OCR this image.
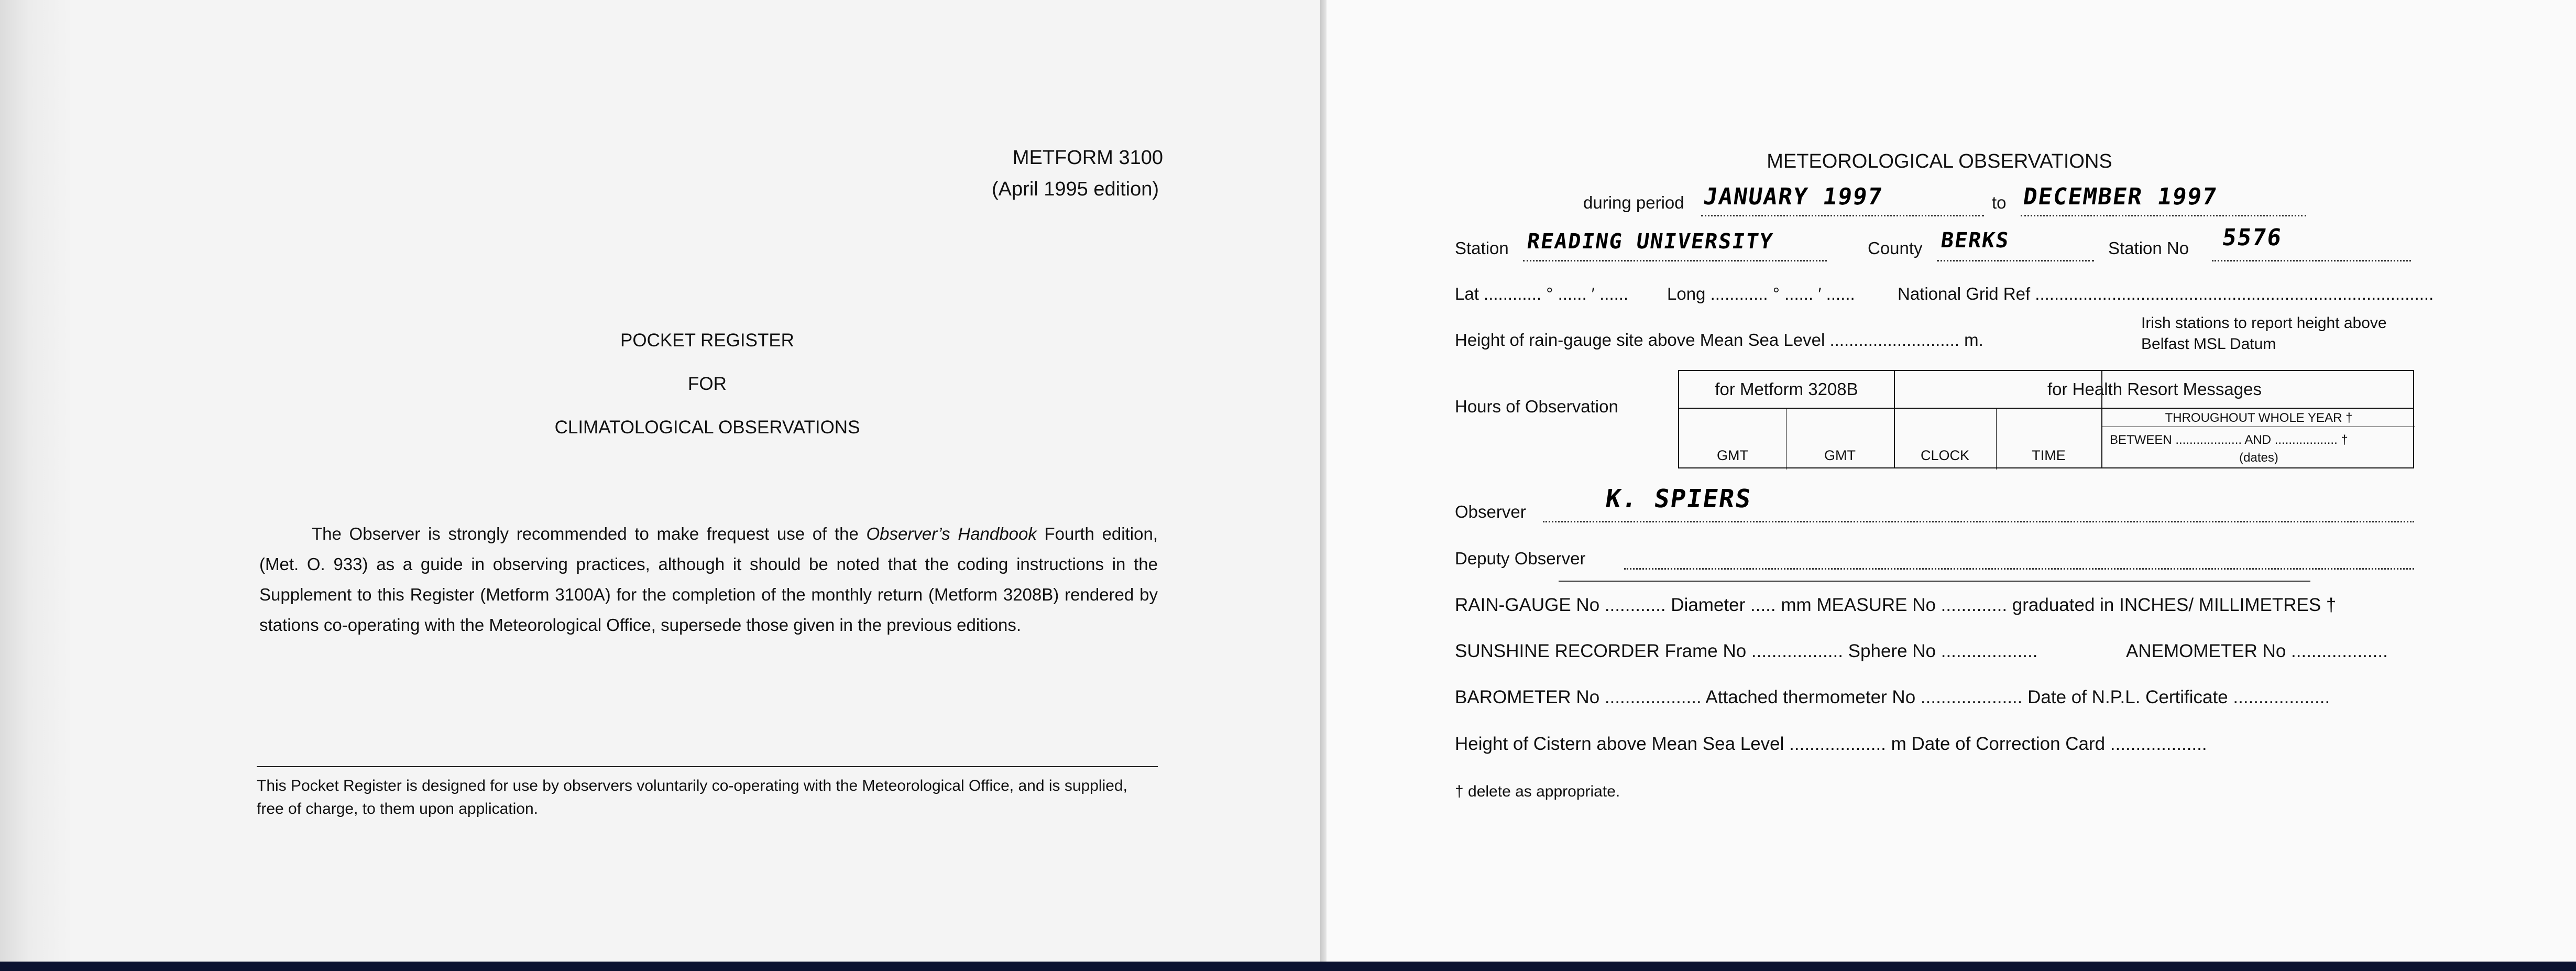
METFORM 3100
(April 1995 edition)
POCKET REGISTER
FOR
CLIMATOLOGICAL OBSERVATIONS
The Observer is strongly recommended to make frequest use of the Observer’s Handbook Fourth edition, (Met. O. 933) as a guide in observing practices, although it should be noted that the coding instructions in the Supplement to this Register (Metform 3100A) for the completion of the monthly return (Metform 3208B) rendered by stations co-operating with the Meteorological Office, supersede those given in the previous editions.
This Pocket Register is designed for use by observers voluntarily co-operating with the Meteorological Office, and is supplied, free of charge, to them upon application.
METEOROLOGICAL OBSERVATIONS
during period JANUARY 1997	to DECEMBER 1997
Station READING UNIVERSITY	County BERKS	Station No 5576
Lat ............ ° ...... ′ ...... Long ............ ° ...... ′ ...... National Grid Ref ...................................................................................
Height of rain-gauge site above Mean Sea Level ........................... m.
Irish stations to report height above
Belfast MSL Datum
Hours of Observation
for Metform 3208B	for Health Resort Messages
THROUGHOUT WHOLE YEAR †
GMT	GMT	CLOCK	TIME
BETWEEN ................... AND .................. †
(dates)
Observer	K. SPIERS
Deputy Observer
RAIN-GAUGE No ............ Diameter ..... mm MEASURE No ............. graduated in INCHES/ MILLIMETRES †
SUNSHINE RECORDER Frame No .................. Sphere No ...................	ANEMOMETER No ...................
BAROMETER No ................... Attached thermometer No .................... Date of N.P.L. Certificate ...................
Height of Cistern above Mean Sea Level ................... m Date of Correction Card ...................
† delete as appropriate.
